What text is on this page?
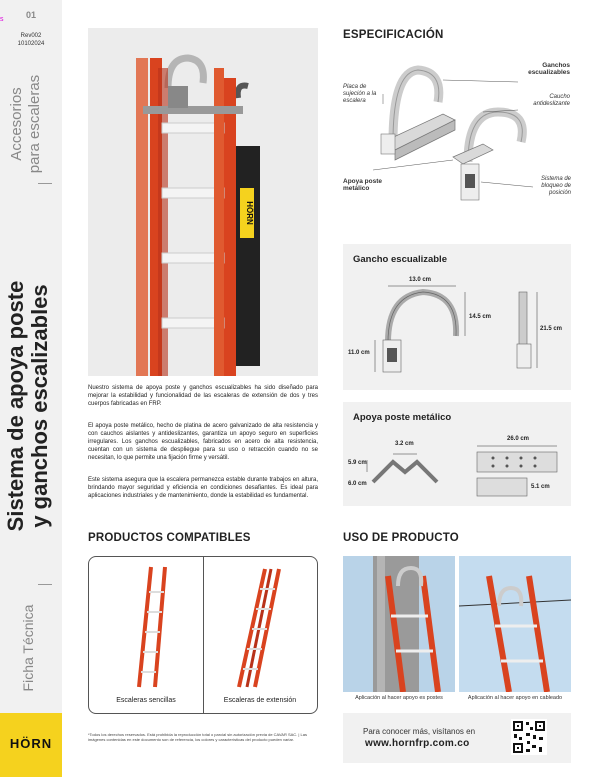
s	01
Rev002
10102024
Accesorios para escaleras
Sistema de apoya poste y ganchos escalizables
Ficha Técnica
HÖRN
HÖRN
Nuestro sistema de apoya poste y ganchos escualizables ha sido diseñado para mejorar la estabilidad y funcionalidad de las escaleras de extensión de dos y tres cuerpos fabricadas en FRP.
El apoya poste metálico, hecho de platina de acero galvanizado de alta resistencia y con cauchos aislantes y antideslizantes, garantiza un apoyo seguro en superficies irregulares. Los ganchos escualizables, fabricados en acero de alta resistencia, cuentan con un sistema de despliegue para su uso o retracción cuando no se necesitan, lo que permite una fijación firme y versátil.
Este sistema asegura que la escalera permanezca estable durante trabajos en altura, brindando mayor seguridad y eficiencia en condiciones desafiantes. Es ideal para aplicaciones industriales y de mantenimiento, donde la estabilidad es fundamental.
ESPECIFICACIÓN
Ganchos escualizables
Placa de sujeción a la escalera
Caucho antideslizante
Apoya poste metálico
Sistema de bloqueo de posición
Gancho escualizable
13.0 cm
14.5 cm
11.0 cm
21.5 cm
Apoya poste metálico
3.2 cm
5.9 cm
6.0 cm
26.0 cm
5.1 cm
PRODUCTOS COMPATIBLES
Escaleras sencillas	Escaleras de extensión
USO DE PRODUCTO
Aplicación al hacer apoyo es postes	Aplicación al hacer apoyo en cableado
Para conocer más, visítanos en
www.hornfrp.com.co
*Todos los derechos reservados. Está prohibida la reproducción total o parcial sin autorización previa de CAVAR SAC. | Las imágenes contenidas en este documento son de referencia, los colores y características del producto pueden variar.
